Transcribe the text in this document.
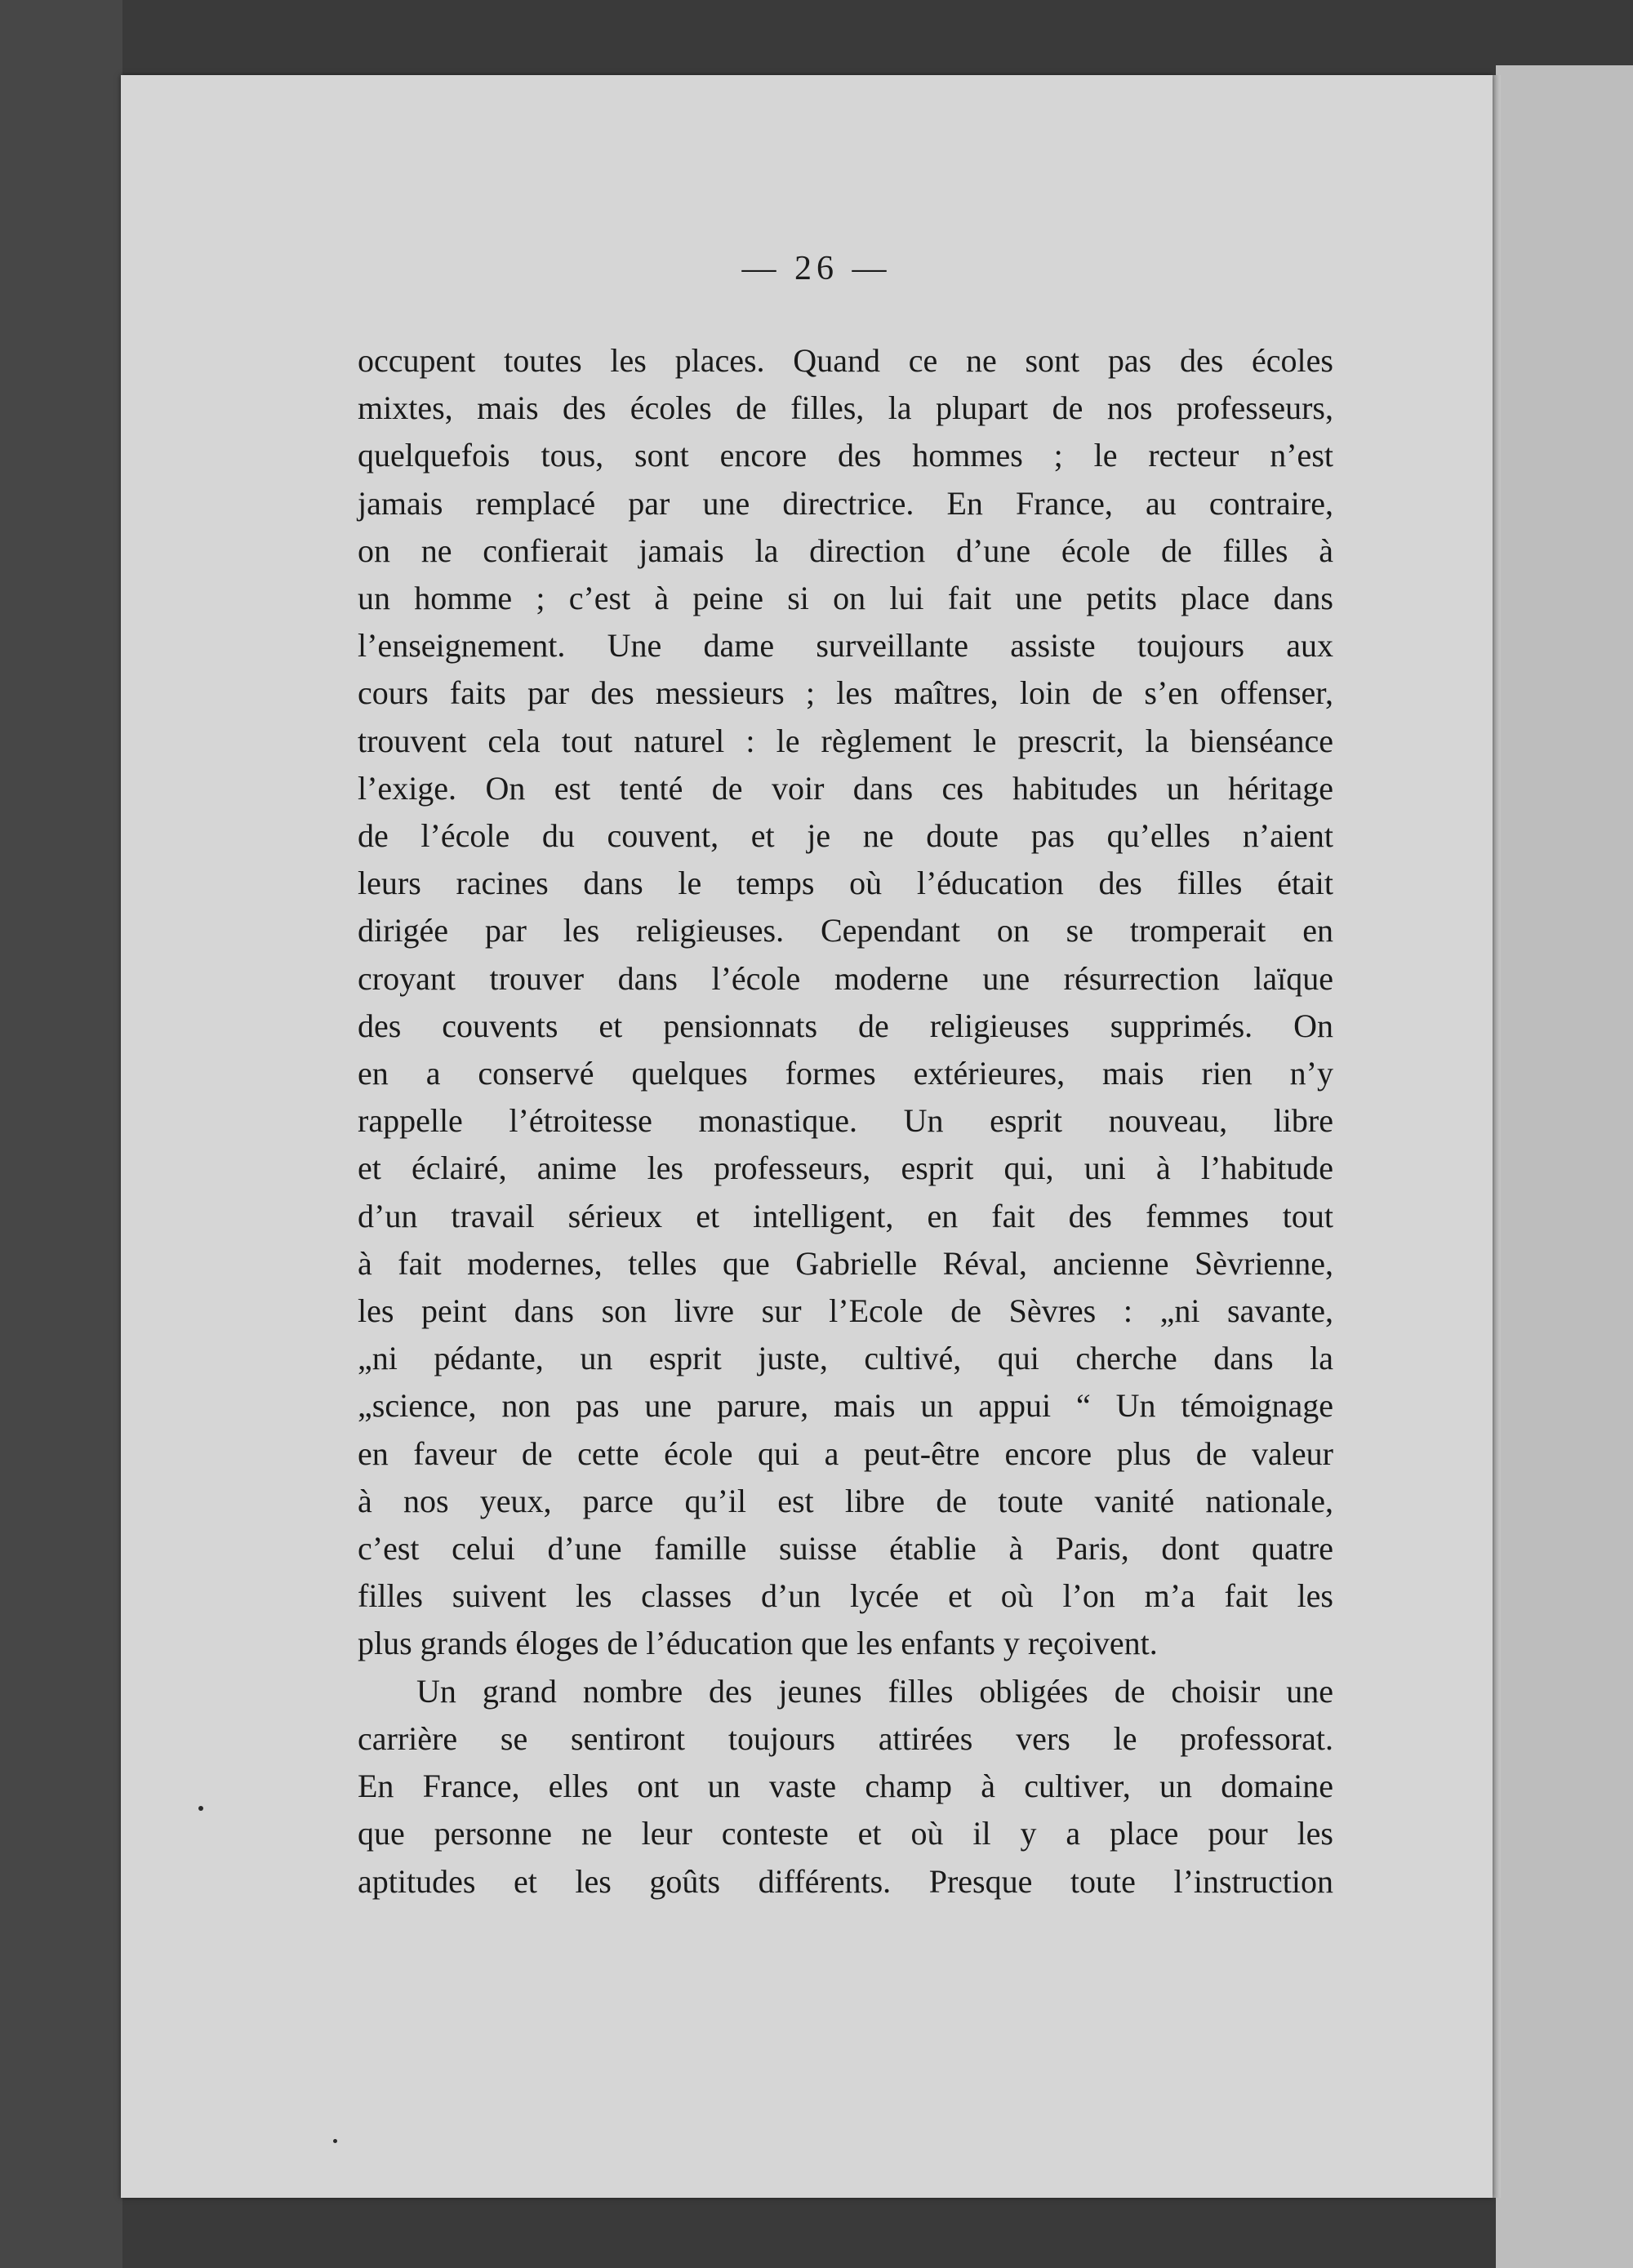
— 26 —
occupent toutes les places. Quand ce ne sont pas des écoles
mixtes, mais des écoles de filles, la plupart de nos professeurs,
quelquefois tous, sont encore des hommes ; le recteur n’est
jamais remplacé par une directrice. En France, au contraire,
on ne confierait jamais la direction d’une école de filles à
un homme ; c’est à peine si on lui fait une petits place dans
l’enseignement. Une dame surveillante assiste toujours aux
cours faits par des messieurs ; les maîtres, loin de s’en offenser,
trouvent cela tout naturel : le règlement le prescrit, la bienséance
l’exige. On est tenté de voir dans ces habitudes un héritage
de l’école du couvent, et je ne doute pas qu’elles n’aient
leurs racines dans le temps où l’éducation des filles était
dirigée par les religieuses. Cependant on se tromperait en
croyant trouver dans l’école moderne une résurrection laïque
des couvents et pensionnats de religieuses supprimés. On
en a conservé quelques formes extérieures, mais rien n’y
rappelle l’étroitesse monastique. Un esprit nouveau, libre
et éclairé, anime les professeurs, esprit qui, uni à l’habitude
d’un travail sérieux et intelligent, en fait des femmes tout
à fait modernes, telles que Gabrielle Réval, ancienne Sèvrienne,
les peint dans son livre sur l’Ecole de Sèvres : „ni savante,
„ni pédante, un esprit juste, cultivé, qui cherche dans la
„science, non pas une parure, mais un appui “ Un témoignage
en faveur de cette école qui a peut-être encore plus de valeur
à nos yeux, parce qu’il est libre de toute vanité nationale,
c’est celui d’une famille suisse établie à Paris, dont quatre
filles suivent les classes d’un lycée et où l’on m’a fait les
plus grands éloges de l’éducation que les enfants y reçoivent.
Un grand nombre des jeunes filles obligées de choisir une
carrière se sentiront toujours attirées vers le professorat.
En France, elles ont un vaste champ à cultiver, un domaine
que personne ne leur conteste et où il y a place pour les
aptitudes et les goûts différents. Presque toute l’instruction
